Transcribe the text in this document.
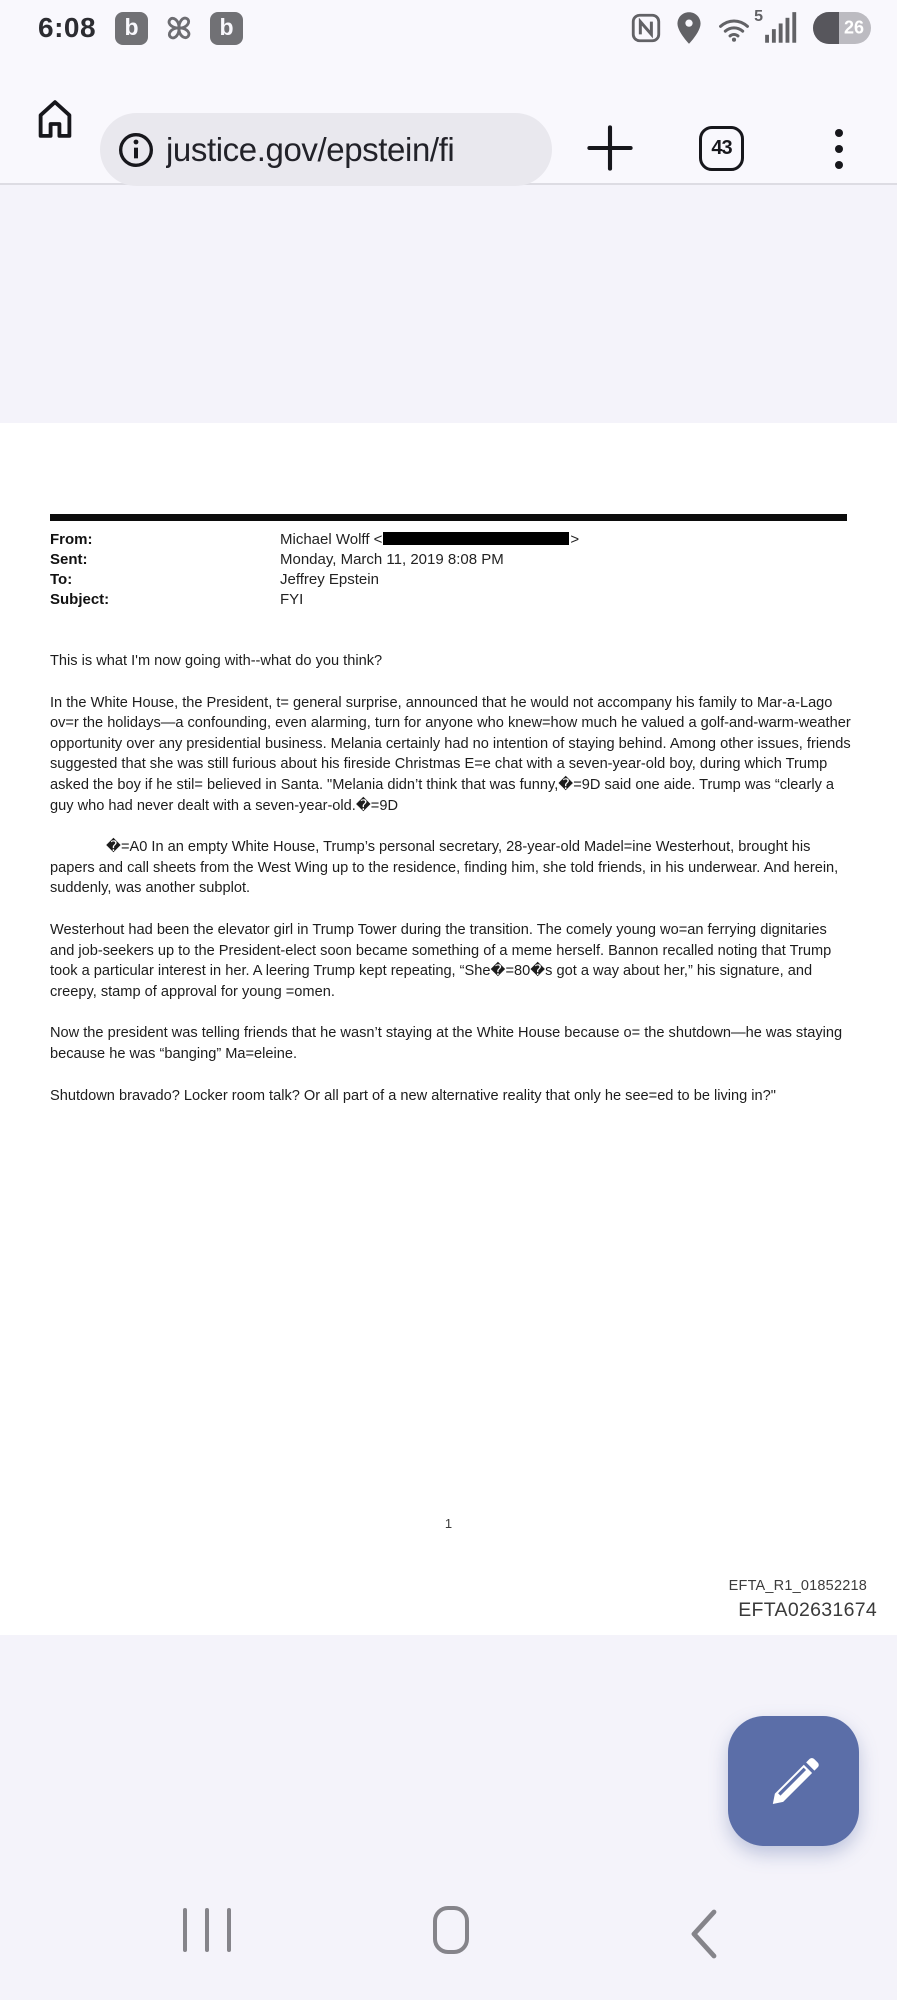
6:08	b	b	5
26
justice.gov/epstein/fi	43
From:	Michael Wolff <	>
Sent:	Monday, March 11, 2019 8:08 PM
To:	Jeffrey Epstein
Subject:	FYI

This is what I'm now going with--what do you think?

In the White House, the President, t= general surprise, announced that he would not accompany his family to Mar-a-Lago ov=r the holidays—a confounding, even alarming, turn for anyone who knew=how much he valued a golf-and-warm-weather opportunity over any presidential business. Melania certainly had no intention of staying behind. Among other issues, friends suggested that she was still furious about his fireside Christmas E=e chat with a seven-year-old boy, during which Trump asked the boy if he stil= believed in Santa. "Melania didn’t think that was funny,�=9D said one aide. Trump was “clearly a guy who had never dealt with a seven-year-old.�=9D

�=A0 In an empty White House, Trump’s personal secretary, 28-year-old Madel=ine Westerhout, brought his papers and call sheets from the West Wing up to the residence, finding him, she told friends, in his underwear. And herein, suddenly, was another subplot.

Westerhout had been the elevator girl in Trump Tower during the transition. The comely young wo=an ferrying dignitaries and job-seekers up to the President-elect soon became something of a meme herself. Bannon recalled noting that Trump took a particular interest in her. A leering Trump kept repeating, “She�=80�s got a way about her,” his signature, and creepy, stamp of approval for young =omen.

Now the president was telling friends that he wasn’t staying at the White House because o= the shutdown—he was staying because he was “banging” Ma=eleine.

Shutdown bravado? Locker room talk? Or all part of a new alternative reality that only he see=ed to be living in?"

1
EFTA_R1_01852218
EFTA02631674
